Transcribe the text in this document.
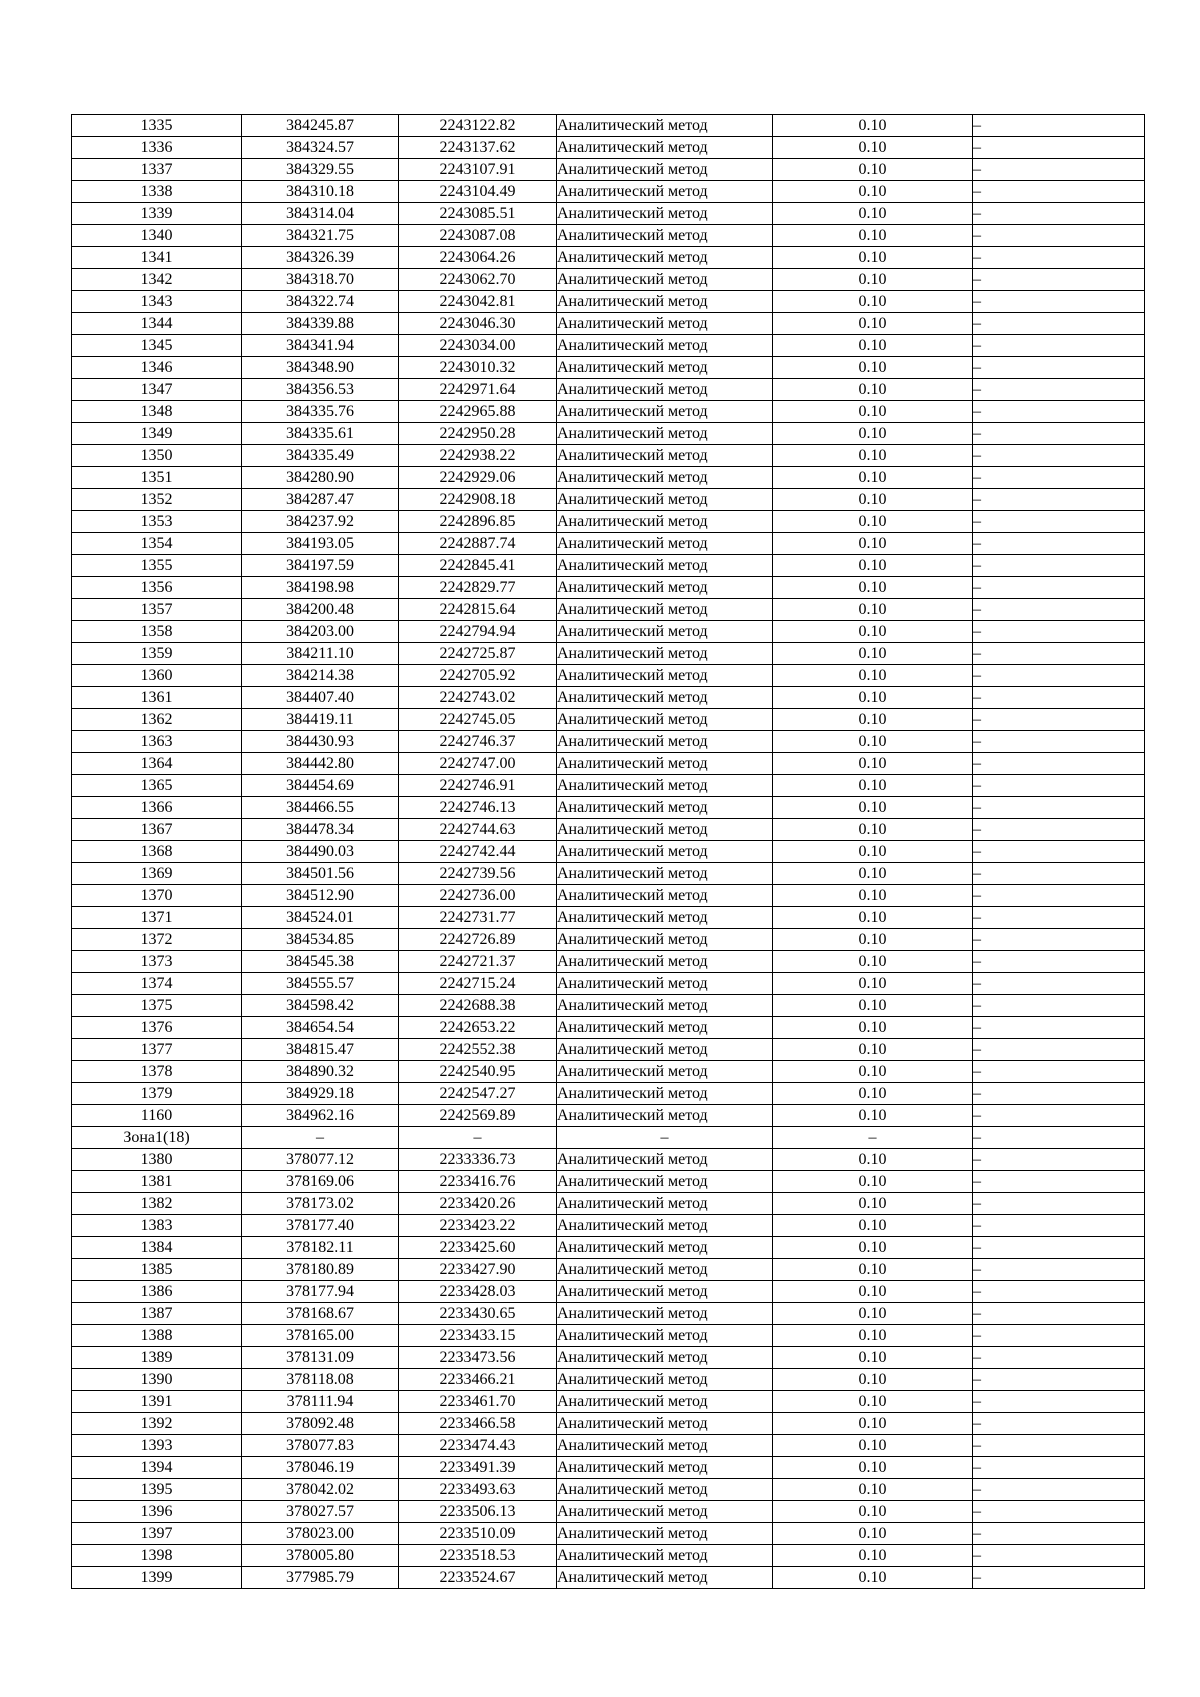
1335	384245.87	2243122.82	Аналитический метод	0.10	–
1336	384324.57	2243137.62	Аналитический метод	0.10	–
1337	384329.55	2243107.91	Аналитический метод	0.10	–
1338	384310.18	2243104.49	Аналитический метод	0.10	–
1339	384314.04	2243085.51	Аналитический метод	0.10	–
1340	384321.75	2243087.08	Аналитический метод	0.10	–
1341	384326.39	2243064.26	Аналитический метод	0.10	–
1342	384318.70	2243062.70	Аналитический метод	0.10	–
1343	384322.74	2243042.81	Аналитический метод	0.10	–
1344	384339.88	2243046.30	Аналитический метод	0.10	–
1345	384341.94	2243034.00	Аналитический метод	0.10	–
1346	384348.90	2243010.32	Аналитический метод	0.10	–
1347	384356.53	2242971.64	Аналитический метод	0.10	–
1348	384335.76	2242965.88	Аналитический метод	0.10	–
1349	384335.61	2242950.28	Аналитический метод	0.10	–
1350	384335.49	2242938.22	Аналитический метод	0.10	–
1351	384280.90	2242929.06	Аналитический метод	0.10	–
1352	384287.47	2242908.18	Аналитический метод	0.10	–
1353	384237.92	2242896.85	Аналитический метод	0.10	–
1354	384193.05	2242887.74	Аналитический метод	0.10	–
1355	384197.59	2242845.41	Аналитический метод	0.10	–
1356	384198.98	2242829.77	Аналитический метод	0.10	–
1357	384200.48	2242815.64	Аналитический метод	0.10	–
1358	384203.00	2242794.94	Аналитический метод	0.10	–
1359	384211.10	2242725.87	Аналитический метод	0.10	–
1360	384214.38	2242705.92	Аналитический метод	0.10	–
1361	384407.40	2242743.02	Аналитический метод	0.10	–
1362	384419.11	2242745.05	Аналитический метод	0.10	–
1363	384430.93	2242746.37	Аналитический метод	0.10	–
1364	384442.80	2242747.00	Аналитический метод	0.10	–
1365	384454.69	2242746.91	Аналитический метод	0.10	–
1366	384466.55	2242746.13	Аналитический метод	0.10	–
1367	384478.34	2242744.63	Аналитический метод	0.10	–
1368	384490.03	2242742.44	Аналитический метод	0.10	–
1369	384501.56	2242739.56	Аналитический метод	0.10	–
1370	384512.90	2242736.00	Аналитический метод	0.10	–
1371	384524.01	2242731.77	Аналитический метод	0.10	–
1372	384534.85	2242726.89	Аналитический метод	0.10	–
1373	384545.38	2242721.37	Аналитический метод	0.10	–
1374	384555.57	2242715.24	Аналитический метод	0.10	–
1375	384598.42	2242688.38	Аналитический метод	0.10	–
1376	384654.54	2242653.22	Аналитический метод	0.10	–
1377	384815.47	2242552.38	Аналитический метод	0.10	–
1378	384890.32	2242540.95	Аналитический метод	0.10	–
1379	384929.18	2242547.27	Аналитический метод	0.10	–
1160	384962.16	2242569.89	Аналитический метод	0.10	–
Зона1(18)	–	–	–	–	–
1380	378077.12	2233336.73	Аналитический метод	0.10	–
1381	378169.06	2233416.76	Аналитический метод	0.10	–
1382	378173.02	2233420.26	Аналитический метод	0.10	–
1383	378177.40	2233423.22	Аналитический метод	0.10	–
1384	378182.11	2233425.60	Аналитический метод	0.10	–
1385	378180.89	2233427.90	Аналитический метод	0.10	–
1386	378177.94	2233428.03	Аналитический метод	0.10	–
1387	378168.67	2233430.65	Аналитический метод	0.10	–
1388	378165.00	2233433.15	Аналитический метод	0.10	–
1389	378131.09	2233473.56	Аналитический метод	0.10	–
1390	378118.08	2233466.21	Аналитический метод	0.10	–
1391	378111.94	2233461.70	Аналитический метод	0.10	–
1392	378092.48	2233466.58	Аналитический метод	0.10	–
1393	378077.83	2233474.43	Аналитический метод	0.10	–
1394	378046.19	2233491.39	Аналитический метод	0.10	–
1395	378042.02	2233493.63	Аналитический метод	0.10	–
1396	378027.57	2233506.13	Аналитический метод	0.10	–
1397	378023.00	2233510.09	Аналитический метод	0.10	–
1398	378005.80	2233518.53	Аналитический метод	0.10	–
1399	377985.79	2233524.67	Аналитический метод	0.10	–
